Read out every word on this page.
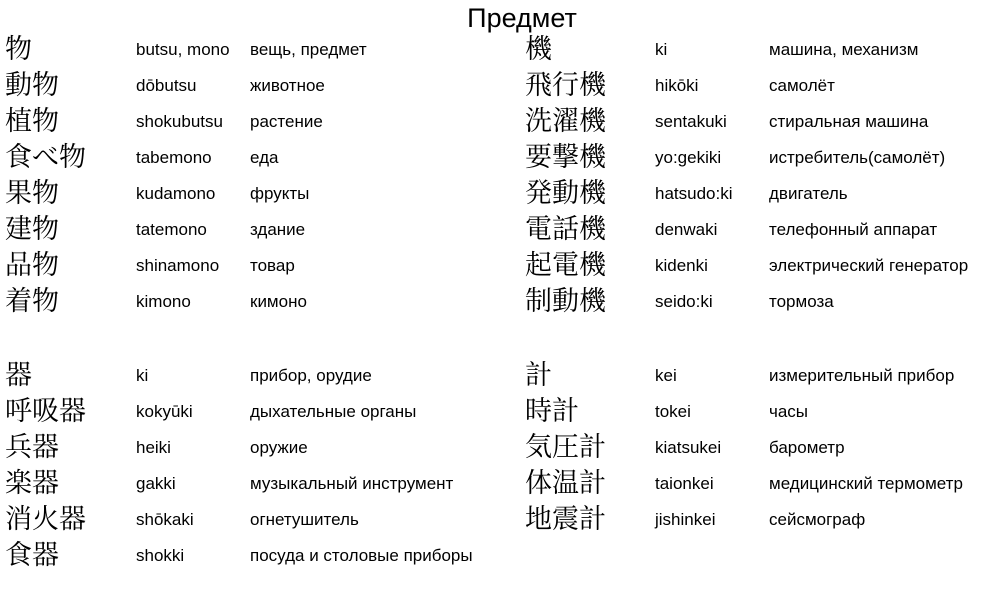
Предмет
物	butsu, mono вещь, предмет
動物	dōbutsu	животное
植物	shokubutsu растение
食べ物	tabemono еда
果物	kudamono фрукты
建物	tatemono	здание
品物	shinamono товар
着物	kimono	кимоно
機	ki	машина, механизм
飛行機	hikōki	самолёт
洗濯機	sentakuki стиральная машина
要撃機	yo:gekiki	истребитель(самолёт)
発動機	hatsudo:ki двигатель
電話機	denwaki	телефонный аппарат
起電機	kidenki	электрический генератор
制動機	seido:ki	тормоза
器	ki	прибор, орудие
呼吸器	kokyūki	дыхательные органы
兵器	heiki	оружие
楽器	gakki	музыкальный инструмент
消火器	shōkaki	огнетушитель
食器	shokki	посуда и столовые приборы
計	kei	измерительный прибор
時計	tokei	часы
気圧計	kiatsukei	барометр
体温計	taionkei	медицинский термометр
地震計	jishinkei	сейсмограф
